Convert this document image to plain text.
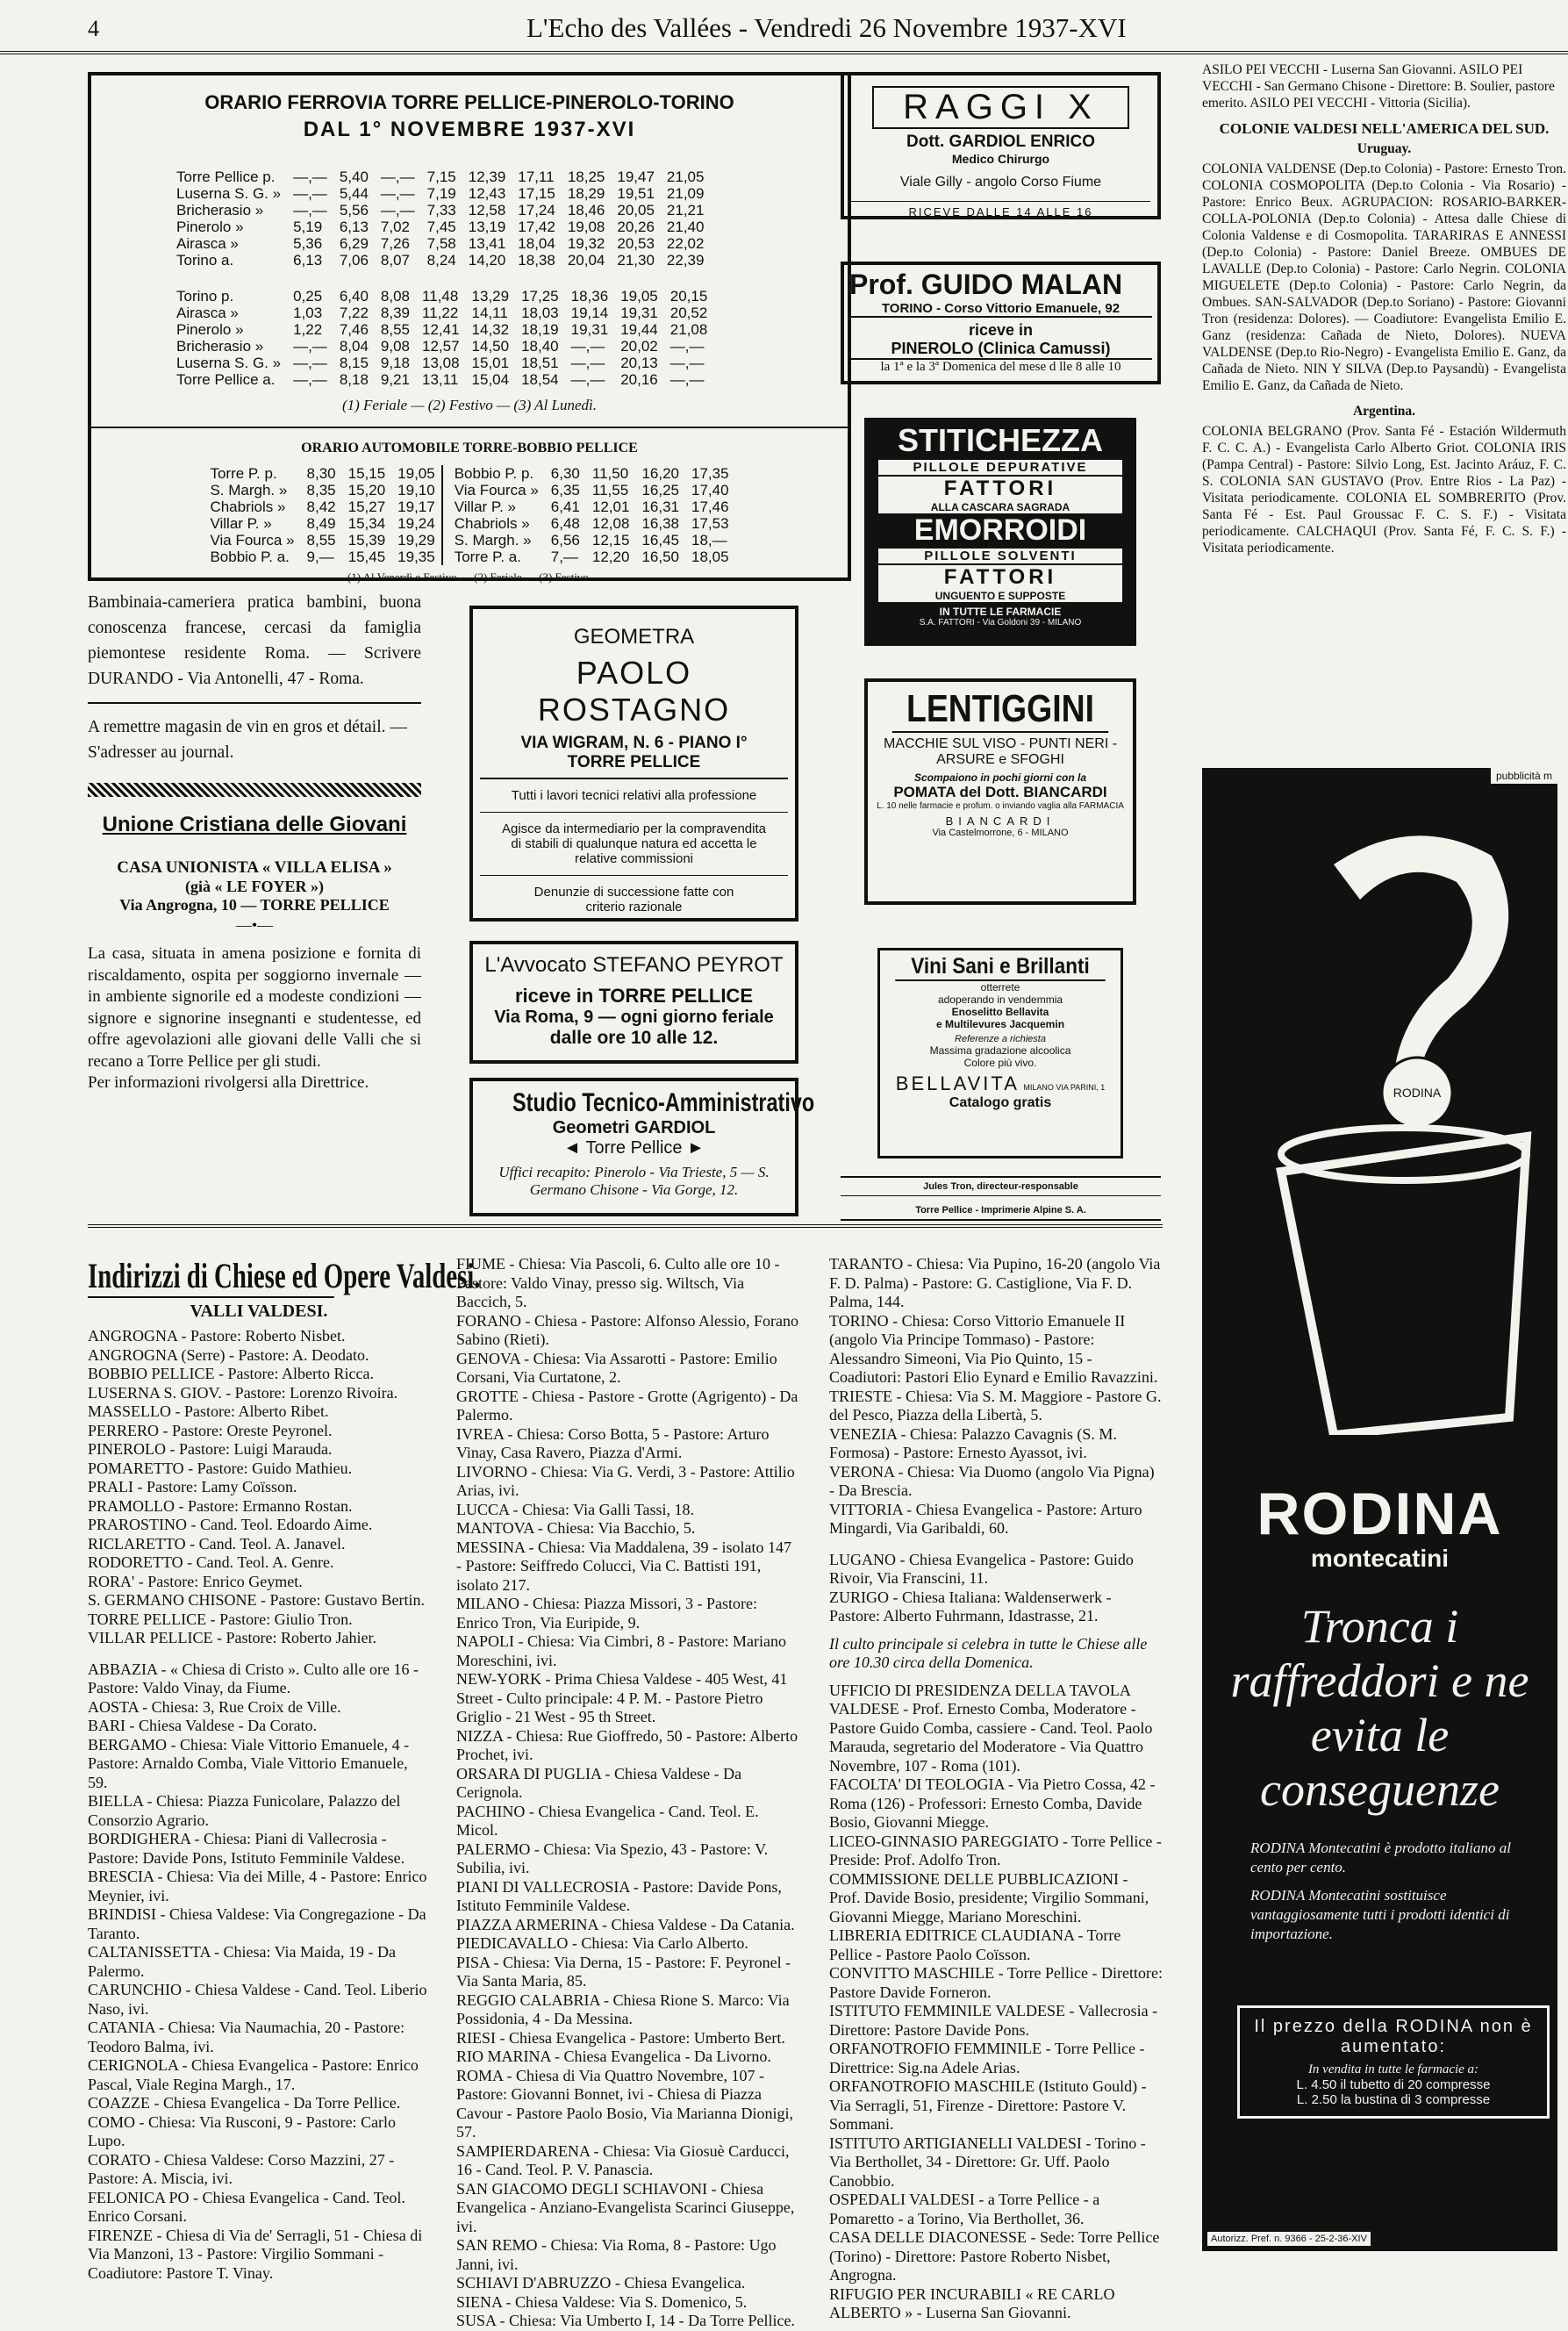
4	L'Echo des Vallées - Vendredi 26 Novembre 1937-XVI
ORARIO FERROVIA TORRE PELLICE-PINEROLO-TORINO
DAL 1° NOVEMBRE 1937-XVI
Torre Pellice p.	—,—	5,40	—,—	7,15	12,39	17,11	18,25	19,47	21,05
Luserna S. G. »	—,—	5,44	—,—	7,19	12,43	17,15	18,29	19,51	21,09
Bricherasio »	—,—	5,56	—,—	7,33	12,58	17,24	18,46	20,05	21,21
Pinerolo »	5,19	6,13	7,02	7,45	13,19	17,42	19,08	20,26	21,40
Airasca »	5,36	6,29	7,26	7,58	13,41	18,04	19,32	20,53	22,02
Torino a.	6,13	7,06	8,07	8,24	14,20	18,38	20,04	21,30	22,39
Torino p.	0,25	6,40	8,08	11,48	13,29	17,25	18,36	19,05	20,15
Airasca »	1,03	7,22	8,39	11,22	14,11	18,03	19,14	19,31	20,52
Pinerolo »	1,22	7,46	8,55	12,41	14,32	18,19	19,31	19,44	21,08
Bricherasio »	—,—	8,04	9,08	12,57	14,50	18,40	—,—	20,02	—,—
Luserna S. G. »	—,—	8,15	9,18	13,08	15,01	18,51	—,—	20,13	—,—
Torre Pellice a.	—,—	8,18	9,21	13,11	15,04	18,54	—,—	20,16	—,—
(1) Feriale — (2) Festivo — (3) Al Lunedì.
ORARIO AUTOMOBILE TORRE-BOBBIO PELLICE
Torre P. p.	8,30	15,15	19,05
S. Margh. »	8,35	15,20	19,10
Chabriols »	8,42	15,27	19,17
Villar P. »	8,49	15,34	19,24
Via Fourca »	8,55	15,39	19,29
Bobbio P. a.	9,—	15,45	19,35
Bobbio P. p.	6,30	11,50	16,20	17,35
Via Fourca »	6,35	11,55	16,25	17,40
Villar P. »	6,41	12,01	16,31	17,46
Chabriols »	6,48	12,08	16,38	17,53
S. Margh. »	6,56	12,15	16,45	18,—
Torre P. a.	7,—	12,20	16,50	18,05
(1) Al Venerdì e Festivo — (2) Feriale — (3) Festivo.

Bambinaia-cameriera pratica bambini, buona conoscenza francese, cercasi da famiglia piemontese residente Roma. — Scrivere DURANDO - Via Antonelli, 47 - Roma.

A remettre magasin de vin en gros et détail. — S'adresser au journal.

Unione Cristiana delle Giovani
CASA UNIONISTA « VILLA ELISA »
(già « LE FOYER »)
Via Angrogna, 10 — TORRE PELLICE
—•—

La casa, situata in amena posizione e fornita di riscaldamento, ospita per soggiorno invernale — in ambiente signorile ed a modeste condizioni — signore e signorine insegnanti e studentesse, ed offre agevolazioni alle giovani delle Valli che si recano a Torre Pellice per gli studi.

Per informazioni rivolgersi alla Direttrice.

GEOMETRA
PAOLO ROSTAGNO
VIA WIGRAM, N. 6 - PIANO I°
TORRE PELLICE
Tutti i lavori tecnici relativi alla professione
Agisce da intermediario per la compravendita di stabili di qualunque natura ed accetta le relative commissioni
Denunzie di successione fatte con criterio razionale
L'Avvocato STEFANO PEYROT
riceve in TORRE PELLICE
Via Roma, 9 — ogni giorno feriale
dalle ore 10 alle 12.
Studio Tecnico-Amministrativo
Geometri GARDIOL
◄ Torre Pellice ►
Uffici recapito: Pinerolo - Via Trieste, 5 — S. Germano Chisone - Via Gorge, 12.
RAGGI X
Dott. GARDIOL ENRICO
Medico Chirurgo
Viale Gilly - angolo Corso Fiume
RICEVE DALLE 14 ALLE 16
Prof. GUIDO MALAN
TORINO - Corso Vittorio Emanuele, 92
riceve in
PINEROLO (Clinica Camussi)
la 1ª e la 3ª Domenica del mese d lle 8 alle 10
STITICHEZZA
PILLOLE DEPURATIVE
FATTORI
ALLA CASCARA SAGRADA
EMORROIDI
PILLOLE SOLVENTI
FATTORI
UNGUENTO E SUPPOSTE
IN TUTTE LE FARMACIE
S.A. FATTORI - Via Goldoni 39 - MILANO
LENTIGGINI
MACCHIE SUL VISO - PUNTI NERI - ARSURE e SFOGHI
Scompaiono in pochi giorni con la
POMATA del Dott. BIANCARDI
L. 10 nelle farmacie e profum. o inviando vaglia alla FARMACIA
BIANCARDI
Via Castelmorrone, 6 - MILANO
Vini Sani e Brillanti
otterrete
adoperando in vendemmia
Enoselitto Bellavita
e Multilevures Jacquemin
Referenze a richiesta
Massima gradazione alcoolica
Colore più vivo.
BELLAVITA MILANO VIA PARINI, 1
Catalogo gratis
Jules Tron, directeur-responsable
Torre Pellice - Imprimerie Alpine S. A.

ASILO PEI VECCHI - Luserna San Giovanni. ASILO PEI VECCHI - San Germano Chisone - Direttore: B. Soulier, pastore emerito. ASILO PEI VECCHI - Vittoria (Sicilia).

COLONIE VALDESI NELL'AMERICA DEL SUD.

Uruguay.

COLONIA VALDENSE (Dep.to Colonia) - Pastore: Ernesto Tron. COLONIA COSMOPOLITA (Dep.to Colonia - Via Rosario) - Pastore: Enrico Beux. AGRUPACION: ROSARIO-BARKER-COLLA-POLONIA (Dep.to Colonia) - Attesa dalle Chiese di Colonia Valdense e di Cosmopolita. TARARIRAS E ANNESSI (Dep.to Colonia) - Pastore: Daniel Breeze. OMBUES DE LAVALLE (Dep.to Colonia) - Pastore: Carlo Negrin. COLONIA MIGUELETE (Dep.to Colonia) - Pastore: Carlo Negrin, da Ombues. SAN-SALVADOR (Dep.to Soriano) - Pastore: Giovanni Tron (residenza: Dolores). — Coadiutore: Evangelista Emilio E. Ganz (residenza: Cañada de Nieto, Dolores). NUEVA VALDENSE (Dep.to Rio-Negro) - Evangelista Emilio E. Ganz, da Cañada de Nieto. NIN Y SILVA (Dep.to Paysandù) - Evangelista Emilio E. Ganz, da Cañada de Nieto.

Argentina.

COLONIA BELGRANO (Prov. Santa Fé - Estación Wildermuth F. C. C. A.) - Evangelista Carlo Alberto Griot. COLONIA IRIS (Pampa Central) - Pastore: Silvio Long, Est. Jacinto Aráuz, F. C. S. COLONIA SAN GUSTAVO (Prov. Entre Rios - La Paz) - Visitata periodicamente. COLONIA EL SOMBRERITO (Prov. Santa Fé - Est. Paul Groussac F. C. S. F.) - Visitata periodicamente. CALCHAQUI (Prov. Santa Fé, F. C. S. F.) - Visitata periodicamente.

pubblicità m
RODINA
RODINA
montecatini
Tronca i raffreddori e ne evita le conseguenze

RODINA Montecatini è prodotto italiano al cento per cento.

RODINA Montecatini sostituisce vantaggiosamente tutti i prodotti identici di importazione.

Il prezzo della RODINA non è aumentato:
In vendita in tutte le farmacie a:
L. 4.50 il tubetto di 20 compresse
L. 2.50 la bustina di 3 compresse
Autorizz. Pref. n. 9366 - 25-2-36-XIV
Indirizzi di Chiese ed Opere Valdesi.
VALLI VALDESI.

ANGROGNA - Pastore: Roberto Nisbet.

ANGROGNA (Serre) - Pastore: A. Deodato.

BOBBIO PELLICE - Pastore: Alberto Ricca.

LUSERNA S. GIOV. - Pastore: Lorenzo Rivoira.

MASSELLO - Pastore: Alberto Ribet.

PERRERO - Pastore: Oreste Peyronel.

PINEROLO - Pastore: Luigi Marauda.

POMARETTO - Pastore: Guido Mathieu.

PRALI - Pastore: Lamy Coïsson.

PRAMOLLO - Pastore: Ermanno Rostan.

PRAROSTINO - Cand. Teol. Edoardo Aime.

RICLARETTO - Cand. Teol. A. Janavel.

RODORETTO - Cand. Teol. A. Genre.

RORA' - Pastore: Enrico Geymet.

S. GERMANO CHISONE - Pastore: Gustavo Bertin.

TORRE PELLICE - Pastore: Giulio Tron.

VILLAR PELLICE - Pastore: Roberto Jahier.

ABBAZIA - « Chiesa di Cristo ». Culto alle ore 16 - Pastore: Valdo Vinay, da Fiume.

AOSTA - Chiesa: 3, Rue Croix de Ville.

BARI - Chiesa Valdese - Da Corato.

BERGAMO - Chiesa: Viale Vittorio Emanuele, 4 - Pastore: Arnaldo Comba, Viale Vittorio Emanuele, 59.

BIELLA - Chiesa: Piazza Funicolare, Palazzo del Consorzio Agrario.

BORDIGHERA - Chiesa: Piani di Vallecrosia - Pastore: Davide Pons, Istituto Femminile Valdese.

BRESCIA - Chiesa: Via dei Mille, 4 - Pastore: Enrico Meynier, ivi.

BRINDISI - Chiesa Valdese: Via Congregazione - Da Taranto.

CALTANISSETTA - Chiesa: Via Maida, 19 - Da Palermo.

CARUNCHIO - Chiesa Valdese - Cand. Teol. Liberio Naso, ivi.

CATANIA - Chiesa: Via Naumachia, 20 - Pastore: Teodoro Balma, ivi.

CERIGNOLA - Chiesa Evangelica - Pastore: Enrico Pascal, Viale Regina Margh., 17.

COAZZE - Chiesa Evangelica - Da Torre Pellice.

COMO - Chiesa: Via Rusconi, 9 - Pastore: Carlo Lupo.

CORATO - Chiesa Valdese: Corso Mazzini, 27 - Pastore: A. Miscia, ivi.

FELONICA PO - Chiesa Evangelica - Cand. Teol. Enrico Corsani.

FIRENZE - Chiesa di Via de' Serragli, 51 - Chiesa di Via Manzoni, 13 - Pastore: Virgilio Sommani - Coadiutore: Pastore T. Vinay.

FIUME - Chiesa: Via Pascoli, 6. Culto alle ore 10 - Pastore: Valdo Vinay, presso sig. Wiltsch, Via Baccich, 5.

FORANO - Chiesa - Pastore: Alfonso Alessio, Forano Sabino (Rieti).

GENOVA - Chiesa: Via Assarotti - Pastore: Emilio Corsani, Via Curtatone, 2.

GROTTE - Chiesa - Pastore - Grotte (Agrigento) - Da Palermo.

IVREA - Chiesa: Corso Botta, 5 - Pastore: Arturo Vinay, Casa Ravero, Piazza d'Armi.

LIVORNO - Chiesa: Via G. Verdi, 3 - Pastore: Attilio Arias, ivi.

LUCCA - Chiesa: Via Galli Tassi, 18.

MANTOVA - Chiesa: Via Bacchio, 5.

MESSINA - Chiesa: Via Maddalena, 39 - isolato 147 - Pastore: Seiffredo Colucci, Via C. Battisti 191, isolato 217.

MILANO - Chiesa: Piazza Missori, 3 - Pastore: Enrico Tron, Via Euripide, 9.

NAPOLI - Chiesa: Via Cimbri, 8 - Pastore: Mariano Moreschini, ivi.

NEW-YORK - Prima Chiesa Valdese - 405 West, 41 Street - Culto principale: 4 P. M. - Pastore Pietro Griglio - 21 West - 95 th Street.

NIZZA - Chiesa: Rue Gioffredo, 50 - Pastore: Alberto Prochet, ivi.

ORSARA DI PUGLIA - Chiesa Valdese - Da Cerignola.

PACHINO - Chiesa Evangelica - Cand. Teol. E. Micol.

PALERMO - Chiesa: Via Spezio, 43 - Pastore: V. Subilia, ivi.

PIANI DI VALLECROSIA - Pastore: Davide Pons, Istituto Femminile Valdese.

PIAZZA ARMERINA - Chiesa Valdese - Da Catania.

PIEDICAVALLO - Chiesa: Via Carlo Alberto.

PISA - Chiesa: Via Derna, 15 - Pastore: F. Peyronel - Via Santa Maria, 85.

REGGIO CALABRIA - Chiesa Rione S. Marco: Via Possidonia, 4 - Da Messina.

RIESI - Chiesa Evangelica - Pastore: Umberto Bert.

RIO MARINA - Chiesa Evangelica - Da Livorno.

ROMA - Chiesa di Via Quattro Novembre, 107 - Pastore: Giovanni Bonnet, ivi - Chiesa di Piazza Cavour - Pastore Paolo Bosio, Via Marianna Dionigi, 57.

SAMPIERDARENA - Chiesa: Via Giosuè Carducci, 16 - Cand. Teol. P. V. Panascia.

SAN GIACOMO DEGLI SCHIAVONI - Chiesa Evangelica - Anziano-Evangelista Scarinci Giuseppe, ivi.

SAN REMO - Chiesa: Via Roma, 8 - Pastore: Ugo Janni, ivi.

SCHIAVI D'ABRUZZO - Chiesa Evangelica.

SIENA - Chiesa Valdese: Via S. Domenico, 5.

SUSA - Chiesa: Via Umberto I, 14 - Da Torre Pellice.

TARANTO - Chiesa: Via Pupino, 16-20 (angolo Via F. D. Palma) - Pastore: G. Castiglione, Via F. D. Palma, 144.

TORINO - Chiesa: Corso Vittorio Emanuele II (angolo Via Principe Tommaso) - Pastore: Alessandro Simeoni, Via Pio Quinto, 15 - Coadiutori: Pastori Elio Eynard e Emilio Ravazzini.

TRIESTE - Chiesa: Via S. M. Maggiore - Pastore G. del Pesco, Piazza della Libertà, 5.

VENEZIA - Chiesa: Palazzo Cavagnis (S. M. Formosa) - Pastore: Ernesto Ayassot, ivi.

VERONA - Chiesa: Via Duomo (angolo Via Pigna) - Da Brescia.

VITTORIA - Chiesa Evangelica - Pastore: Arturo Mingardi, Via Garibaldi, 60.

LUGANO - Chiesa Evangelica - Pastore: Guido Rivoir, Via Franscini, 11.

ZURIGO - Chiesa Italiana: Waldenserwerk - Pastore: Alberto Fuhrmann, Idastrasse, 21.

Il culto principale si celebra in tutte le Chiese alle ore 10.30 circa della Domenica.

UFFICIO DI PRESIDENZA DELLA TAVOLA VALDESE - Prof. Ernesto Comba, Moderatore - Pastore Guido Comba, cassiere - Cand. Teol. Paolo Marauda, segretario del Moderatore - Via Quattro Novembre, 107 - Roma (101).

FACOLTA' DI TEOLOGIA - Via Pietro Cossa, 42 - Roma (126) - Professori: Ernesto Comba, Davide Bosio, Giovanni Miegge.

LICEO-GINNASIO PAREGGIATO - Torre Pellice - Preside: Prof. Adolfo Tron.

COMMISSIONE DELLE PUBBLICAZIONI - Prof. Davide Bosio, presidente; Virgilio Sommani, Giovanni Miegge, Mariano Moreschini.

LIBRERIA EDITRICE CLAUDIANA - Torre Pellice - Pastore Paolo Coïsson.

CONVITTO MASCHILE - Torre Pellice - Direttore: Pastore Davide Forneron.

ISTITUTO FEMMINILE VALDESE - Vallecrosia - Direttore: Pastore Davide Pons.

ORFANOTROFIO FEMMINILE - Torre Pellice - Direttrice: Sig.na Adele Arias.

ORFANOTROFIO MASCHILE (Istituto Gould) - Via Serragli, 51, Firenze - Direttore: Pastore V. Sommani.

ISTITUTO ARTIGIANELLI VALDESI - Torino - Via Berthollet, 34 - Direttore: Gr. Uff. Paolo Canobbio.

OSPEDALI VALDESI - a Torre Pellice - a Pomaretto - a Torino, Via Berthollet, 36.

CASA DELLE DIACONESSE - Sede: Torre Pellice (Torino) - Direttore: Pastore Roberto Nisbet, Angrogna.

RIFUGIO PER INCURABILI « RE CARLO ALBERTO » - Luserna San Giovanni.
